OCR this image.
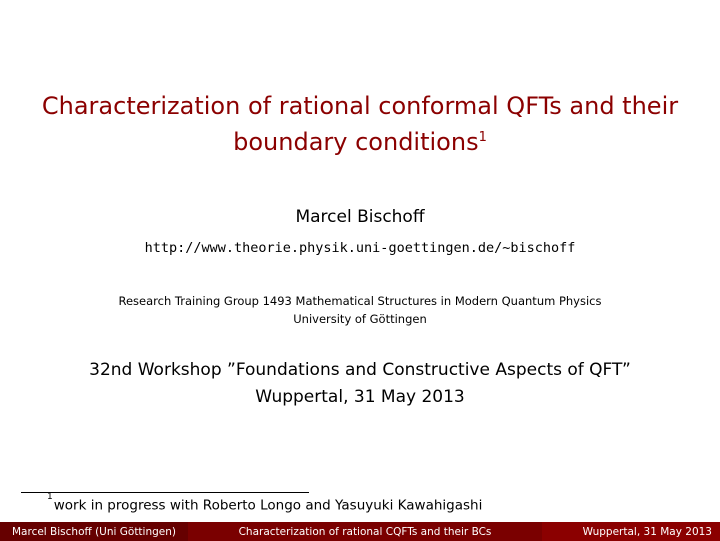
Characterization of rational conformal QFTs and their
boundary conditions$^1$
Marcel Bischoff
http://www.theorie.physik.uni-goettingen.de/~bischoff
Research Training Group 1493 Mathematical Structures in Modern Quantum Physics
University of Göttingen
32nd Workshop ”Foundations and Constructive Aspects of QFT”
Wuppertal, 31 May 2013
$^1$work in progress with Roberto Longo and Yasuyuki Kawahigashi
Marcel Bischoff (Uni Göttingen)	Characterization of rational CQFTs and their BCs	Wuppertal, 31 May 2013
